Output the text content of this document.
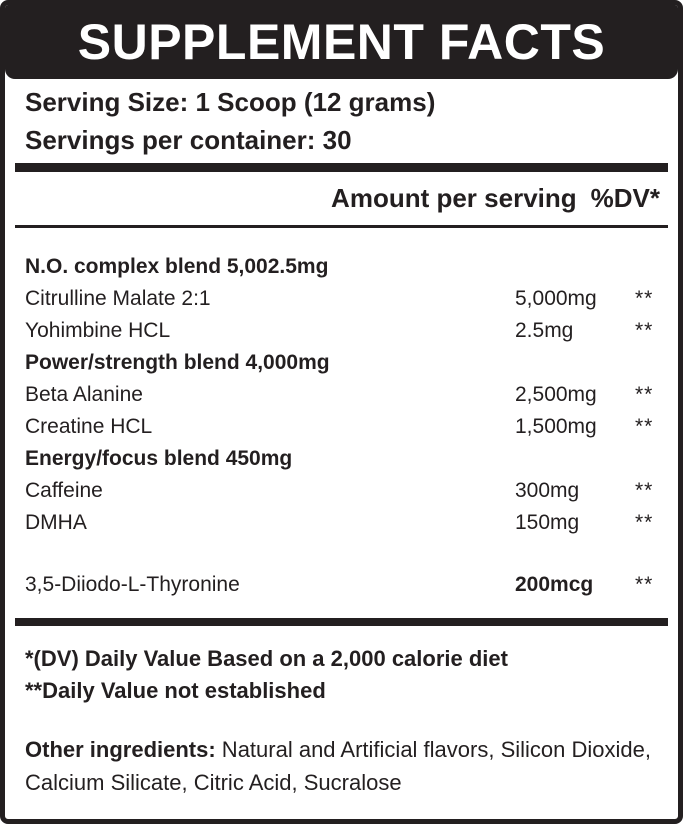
SUPPLEMENT FACTS
Serving Size: 1 Scoop (12 grams)
Servings per container: 30
Amount per serving %DV*
N.O. complex blend 5,002.5mg
Citrulline Malate 2:1	5,000mg **
Yohimbine HCL	2.5mg	**
Power/strength blend 4,000mg
Beta Alanine	2,500mg **
Creatine HCL	1,500mg **
Energy/focus blend 450mg
Caffeine	300mg	**
DMHA	150mg	**
3,5-Diiodo-L-Thyronine	200mcg **
*(DV) Daily Value Based on a 2,000 calorie diet
**Daily Value not established
Other ingredients: Natural and Artificial flavors, Silicon Dioxide, Calcium Silicate, Citric Acid, Sucralose
